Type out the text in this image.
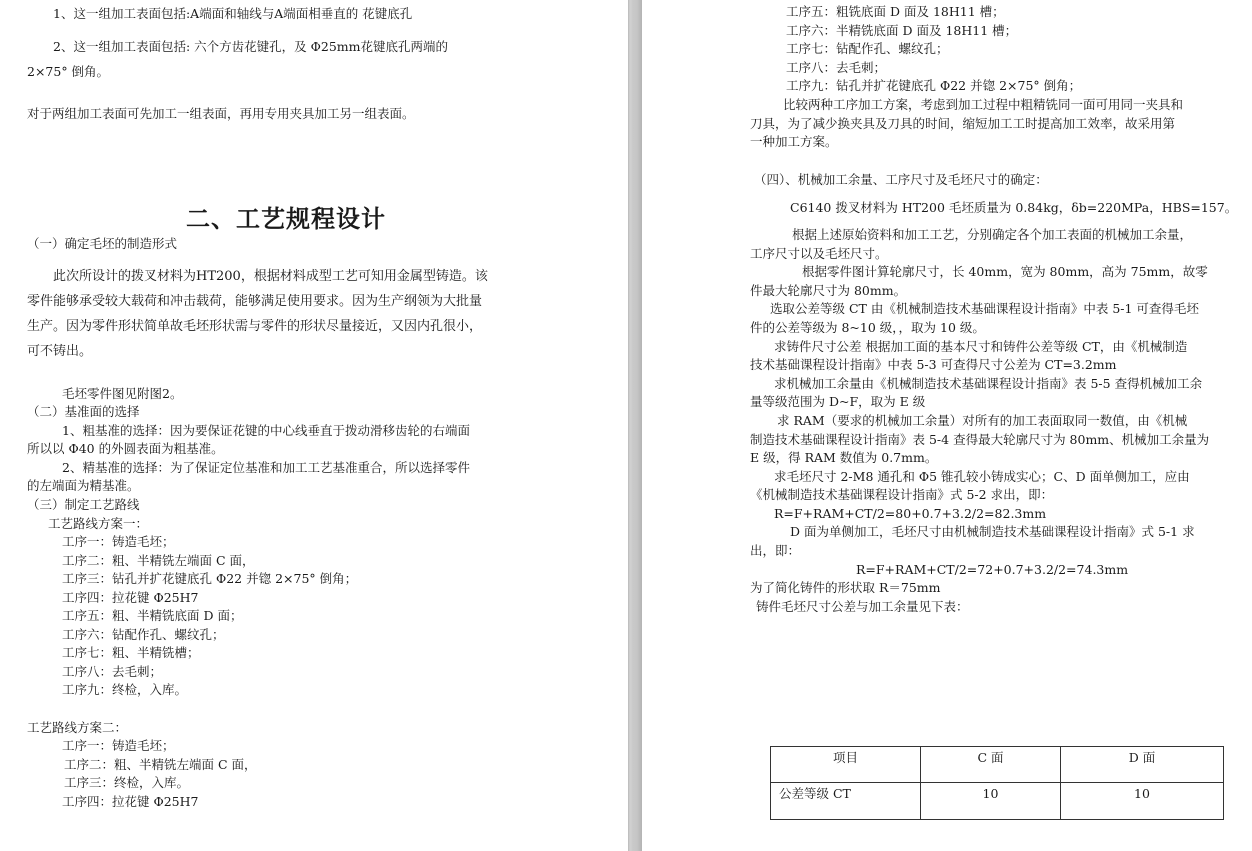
1、这一组加工表面包括:A端面和轴线与A端面相垂直的 花键底孔
2、这一组加工表面包括: 六个方齿花键孔，及 Φ25mm花键底孔两端的
2×75° 倒角。
对于两组加工表面可先加工一组表面，再用专用夹具加工另一组表面。
二、工艺规程设计
（一）确定毛坯的制造形式
此次所设计的拨叉材料为HT200，根据材料成型工艺可知用金属型铸造。该
零件能够承受较大载荷和冲击载荷，能够满足使用要求。因为生产纲领为大批量
生产。因为零件形状简单故毛坯形状需与零件的形状尽量接近，又因内孔很小，
可不铸出。
毛坯零件图见附图2。
（二）基准面的选择
1、粗基准的选择：因为要保证花键的中心线垂直于拨动滑移齿轮的右端面
所以以 Φ40 的外圆表面为粗基准。
2、精基准的选择：为了保证定位基准和加工工艺基准重合，所以选择零件
的左端面为精基准。
（三）制定工艺路线
工艺路线方案一：
工序一：铸造毛坯；
工序二：粗、半精铣左端面 C 面，
工序三：钻孔并扩花键底孔 Φ22 并锪 2×75° 倒角；
工序四：拉花键 Φ25H7
工序五：粗、半精铣底面 D 面；
工序六：钻配作孔、螺纹孔；
工序七：粗、半精铣槽；
工序八：去毛刺；
工序九：终检，入库。
工艺路线方案二：
工序一：铸造毛坯；
工序二：粗、半精铣左端面 C 面，
工序三：终检，入库。
工序四：拉花键 Φ25H7
工序五：粗铣底面 D 面及 18H11 槽；
工序六：半精铣底面 D 面及 18H11 槽；
工序七：钻配作孔、螺纹孔；
工序八：去毛刺；
工序九：钻孔并扩花键底孔 Φ22 并锪 2×75° 倒角；
比较两种工序加工方案，考虑到加工过程中粗精铣同一面可用同一夹具和
刀具，为了减少换夹具及刀具的时间，缩短加工工时提高加工效率，故采用第
一种加工方案。
（四）、机械加工余量、工序尺寸及毛坯尺寸的确定：
C6140 拨叉材料为 HT200 毛坯质量为 0.84kg，δb=220MPa，HBS=157。
根据上述原始资料和加工工艺，分别确定各个加工表面的机械加工余量，
工序尺寸以及毛坯尺寸。
根据零件图计算轮廓尺寸，长 40mm，宽为 80mm，高为 75mm，故零
件最大轮廓尺寸为 80mm。
选取公差等级 CT 由《机械制造技术基础课程设计指南》中表 5-1 可查得毛坯
件的公差等级为 8~10 级，，取为 10 级。
求铸件尺寸公差 根据加工面的基本尺寸和铸件公差等级 CT，由《机械制造
技术基础课程设计指南》中表 5-3 可查得尺寸公差为 CT=3.2mm
求机械加工余量由《机械制造技术基础课程设计指南》表 5-5 查得机械加工余
量等级范围为 D~F，取为 E 级
求 RAM（要求的机械加工余量）对所有的加工表面取同一数值，由《机械
制造技术基础课程设计指南》表 5-4 查得最大轮廓尺寸为 80mm、机械加工余量为
E 级，得 RAM 数值为 0.7mm。
求毛坯尺寸 2-M8 通孔和 Φ5 锥孔较小铸成实心；C、D 面单侧加工，应由
《机械制造技术基础课程设计指南》式 5-2 求出，即：
R=F+RAM+CT/2=80+0.7+3.2/2=82.3mm
D 面为单侧加工，毛坯尺寸由机械制造技术基础课程设计指南》式 5-1 求
出，即：
R=F+RAM+CT/2=72+0.7+3.2/2=74.3mm
为了简化铸件的形状取 R＝75mm
铸件毛坯尺寸公差与加工余量见下表：
项目	C 面	D 面
公差等级 CT	10	10
